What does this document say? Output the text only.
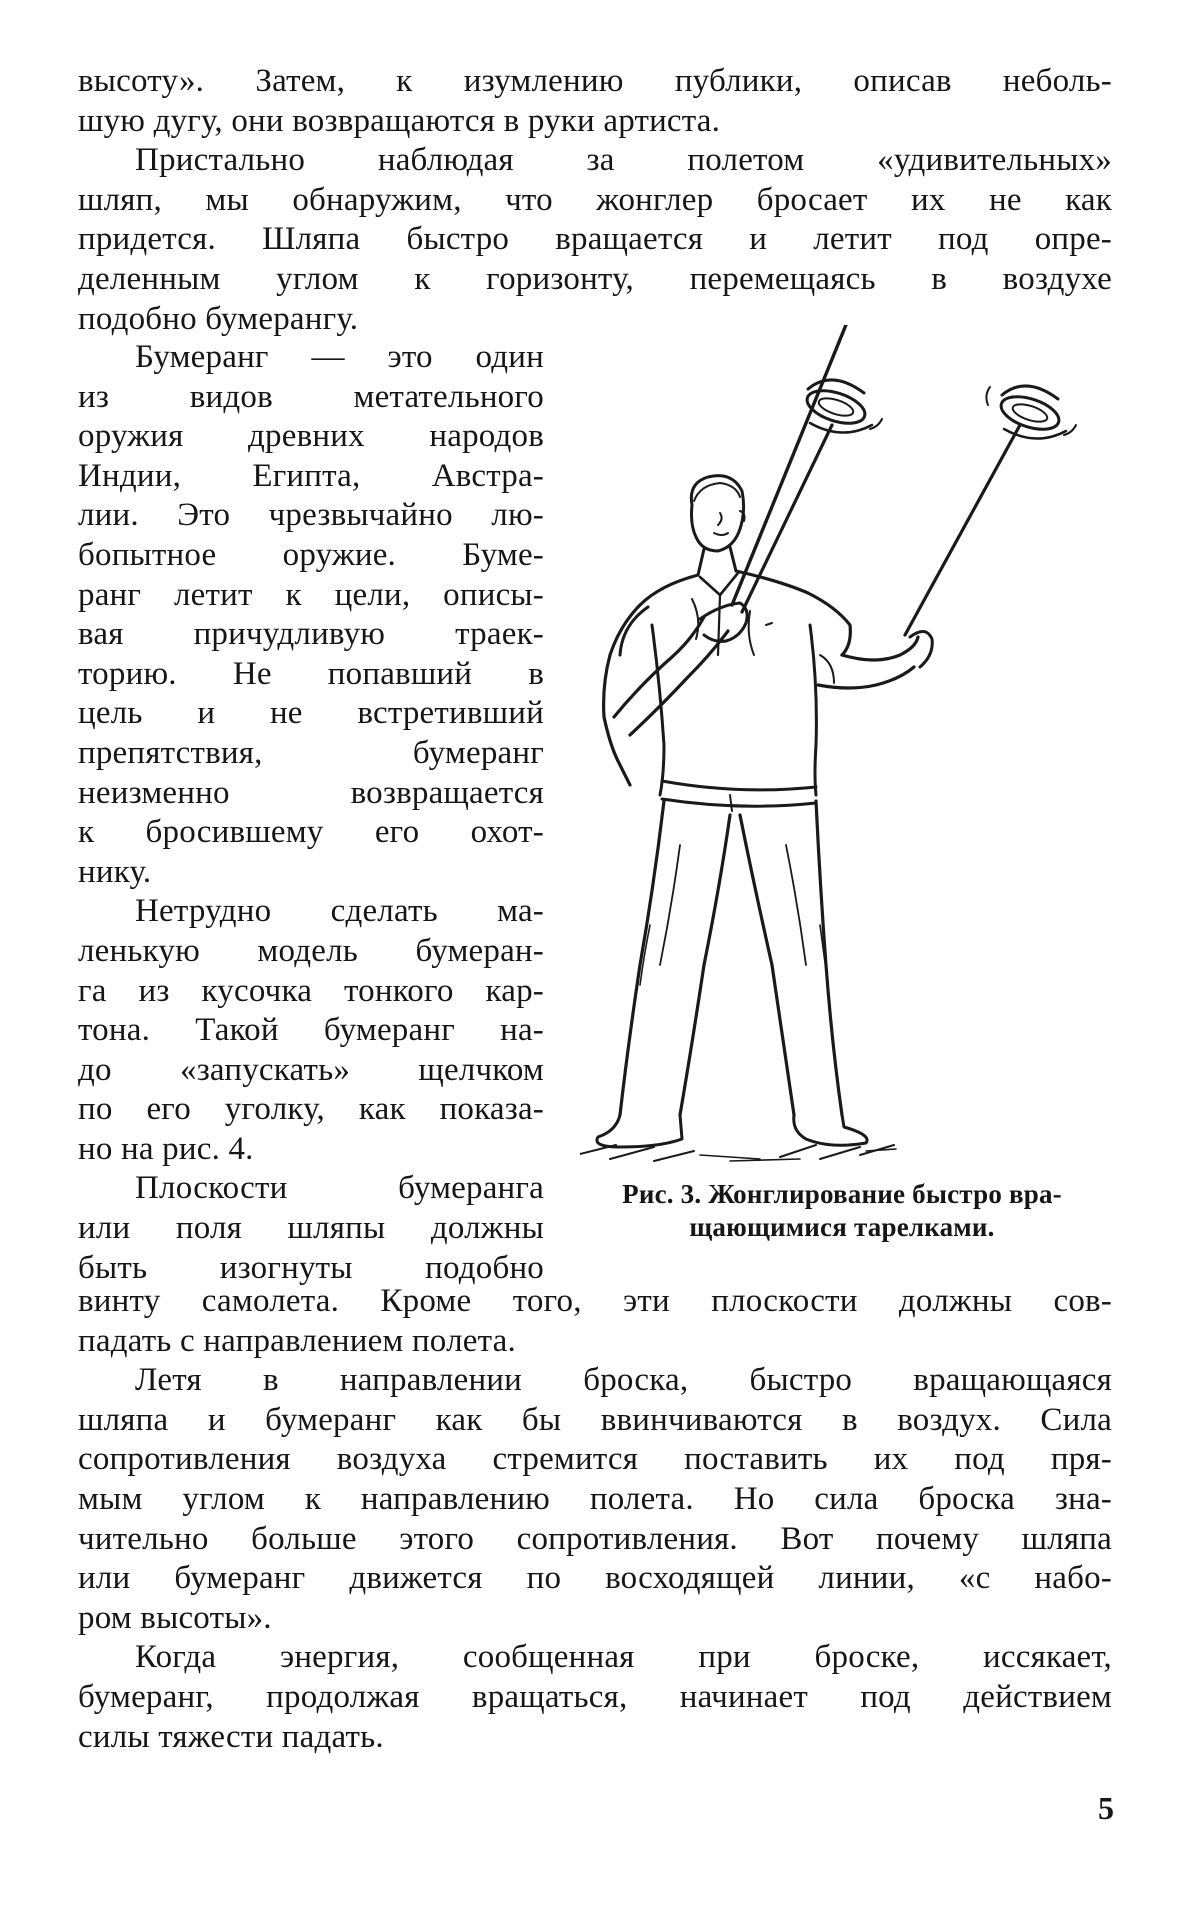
высоту». Затем, к изумлению публики, описав неболь-
шую дугу, они возвращаются в руки артиста.
Пристально наблюдая за полетом «удивительных»
шляп, мы обнаружим, что жонглер бросает их не как
придется. Шляпа быстро вращается и летит под опре-
деленным углом к горизонту, перемещаясь в воздухе
подобно бумерангу.
Бумеранг — это один
из видов метательного
оружия древних народов
Индии, Египта, Австра-
лии. Это чрезвычайно лю-
бопытное оружие. Буме-
ранг летит к цели, описы-
вая причудливую траек-
торию. Не попавший в
цель и не встретивший
препятствия, бумеранг
неизменно возвращается
к бросившему его охот-
нику.
Нетрудно сделать ма-
ленькую модель бумеран-
га из кусочка тонкого кар-
тона. Такой бумеранг на-
до «запускать» щелчком
по его уголку, как показа-
но на рис. 4.
Плоскости бумеранга
или поля шляпы должны
быть изогнуты подобно
Рис. 3. Жонглирование быстро вра-
щающимися тарелками.
винту самолета. Кроме того, эти плоскости должны сов-
падать с направлением полета.
Летя в направлении броска, быстро вращающаяся
шляпа и бумеранг как бы ввинчиваются в воздух. Сила
сопротивления воздуха стремится поставить их под пря-
мым углом к направлению полета. Но сила броска зна-
чительно больше этого сопротивления. Вот почему шляпа
или бумеранг движется по восходящей линии, «с набо-
ром высоты».
Когда энергия, сообщенная при броске, иссякает,
бумеранг, продолжая вращаться, начинает под действием
силы тяжести падать.
5
